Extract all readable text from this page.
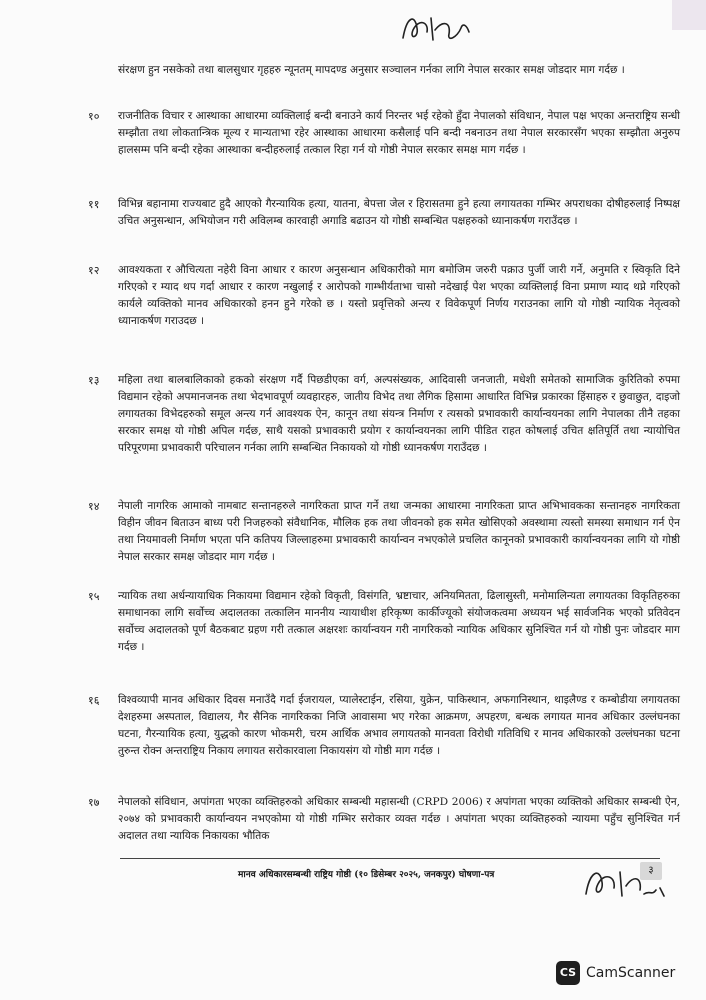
संरक्षण हुन नसकेको तथा बालसुधार गृहहरु न्यूनतम् मापदण्ड अनुसार सञ्चालन गर्नका लागि नेपाल सरकार समक्ष जोडदार माग गर्दछ ।

१० राजनीतिक विचार र आस्थाका आधारमा व्यक्तिलाई बन्दी बनाउने कार्य निरन्तर भई रहेको हुँदा नेपालको संविधान, नेपाल पक्ष भएका अन्तराष्ट्रिय सन्धी सम्झौता तथा लोकतान्त्रिक मूल्य र मान्यताभा रहेर आस्थाका आधारमा कसैलाई पनि बन्दी नबनाउन तथा नेपाल सरकारसँग भएका सम्झौता अनुरुप हालसम्म पनि बन्दी रहेका आस्थाका बन्दीहरुलाई तत्काल रिहा गर्न यो गोष्ठी नेपाल सरकार समक्ष माग गर्दछ ।

११ विभिन्न बहानामा राज्यबाट हुदै आएको गैरन्यायिक हत्या, यातना, बेपत्ता जेल र हिरासतमा हुने हत्या लगायतका गम्भिर अपराधका दोषीहरुलाई निष्पक्ष उचित अनुसन्धान, अभियोजन गरी अविलम्ब कारवाही अगाडि बढाउन यो गोष्ठी सम्बन्धित पक्षहरुको ध्यानाकर्षण गराउँदछ ।

१२ आवश्यकता र औचित्यता नहेरी विना आधार र कारण अनुसन्धान अधिकारीको माग बमोजिम जरुरी पक्राउ पुर्जी जारी गर्ने, अनुमति र स्विकृति दिने गरिएको र म्याद थप गर्दा आधार र कारण नखुलाई र आरोपको गाम्भीर्यताभा चासो नदेखाई पेश भएका व्यक्तिलाई विना प्रमाण म्याद थप्ने गरिएको कार्यले व्यक्तिको मानव अधिकारको हनन हुने गरेको छ । यस्तो प्रवृत्तिको अन्त्य र विवेकपूर्ण निर्णय गराउनका लागि यो गोष्ठी न्यायिक नेतृत्वको ध्यानाकर्षण गराउदछ ।

१३ महिला तथा बालबालिकाको हकको संरक्षण गर्दै पिछडीएका वर्ग, अल्पसंख्यक, आदिवासी जनजाती, मधेशी समेतको सामाजिक कुरितिको रुपमा विद्यमान रहेको अपमानजनक तथा भेदभावपूर्ण व्यवहारहरु, जातीय विभेद तथा लैगिक हिसामा आधारित विभिन्न प्रकारका हिंसाहरु र छुवाछुत, दाइजो लगायतका विभेदहरुको समूल अन्त्य गर्न आवश्यक ऐन, कानून तथा संयन्त्र निर्माण र त्यसको प्रभावकारी कार्यान्वयनका लागि नेपालका तीनै तहका सरकार समक्ष यो गोष्ठी अपिल गर्दछ, साथै यसको प्रभावकारी प्रयोग र कार्यान्वयनका लागि पीडित राहत कोषलाई उचित क्षतिपूर्ति तथा न्यायोचित परिपूरणमा प्रभावकारी परिचालन गर्नका लागि सम्बन्धित निकायको यो गोष्ठी ध्यानकर्षण गराउँदछ ।

१४ नेपाली नागरिक आमाको नामबाट सन्तानहरुले नागरिकता प्राप्त गर्ने तथा जन्मका आधारमा नागरिकता प्राप्त अभिभावकका सन्तानहरु नागरिकता विहीन जीवन बिताउन बाध्य परी निजहरुको संवैधानिक, मौलिक हक तथा जीवनको हक समेत खोसिएको अवस्थामा त्यस्तो समस्या समाधान गर्न ऐन तथा नियमावली निर्माण भएता पनि कतिपय जिल्लाहरुमा प्रभावकारी कार्यान्वन नभएकोले प्रचलित कानूनको प्रभावकारी कार्यान्वयनका लागि यो गोष्ठी नेपाल सरकार समक्ष जोडदार माग गर्दछ ।

१५ न्यायिक तथा अर्धन्यायाधिक निकायमा विद्यमान रहेको विकृती, विसंगति, भ्रष्टाचार, अनियमितता, ढिलासुस्ती, मनोमालिन्यता लगायतका विकृतिहरुका समाधानका लागि सर्वोच्च अदालतका तत्कालिन माननीय न्यायाधीश हरिकृष्ण कार्कीज्यूको संयोजकत्वमा अध्ययन भई सार्वजनिक भएको प्रतिवेदन सर्वोच्च अदालतको पूर्ण बैठकबाट ग्रहण गरी तत्काल अक्षरशः कार्यान्वयन गरी नागरिकको न्यायिक अधिकार सुनिश्चित गर्न यो गोष्ठी पुनः जोडदार माग गर्दछ ।

१६ विश्वव्यापी मानव अधिकार दिवस मनाउँदै गर्दा ईजरायल, प्यालेस्टाईन, रसिया, युक्रेन, पाकिस्थान, अफगानिस्थान, थाइलैण्ड र कम्बोडीया लगायतका देशहरुमा अस्पताल, विद्यालय, गैर सैनिक नागरिकका निजि आवासमा भए गरेका आक्रमण, अपहरण, बन्धक लगायत मानव अधिकार उल्लंघनका घटना, गैरन्यायिक हत्या, युद्धको कारण भोकमरी, चरम आर्थिक अभाव लगायतको मानवता विरोधी गतिविधि र मानव अधिकारको उल्लंघनका घटना तुरुन्त रोक्न अन्तराष्ट्रिय निकाय लगायत सरोकारवाला निकायसंग यो गोष्ठी माग गर्दछ ।

१७ नेपालको संविधान, अपांगता भएका व्यक्तिहरुको अधिकार सम्बन्धी महासन्धी (CRPD 2006) र अपांगता भएका व्यक्तिको अधिकार सम्बन्धी ऐन, २०७४ को प्रभावकारी कार्यान्वयन नभएकोमा यो गोष्ठी गम्भिर सरोकार व्यक्त गर्दछ । अपांगता भएका व्यक्तिहरुको न्यायमा पहुँच सुनिश्चित गर्न अदालत तथा न्यायिक निकायका भौतिक

मानव अधिकारसम्बन्धी राष्ट्रिय गोष्ठी (१० डिसेम्बर २०२५, जनकपुर) घोषणा-पत्र	३
CS CamScanner
